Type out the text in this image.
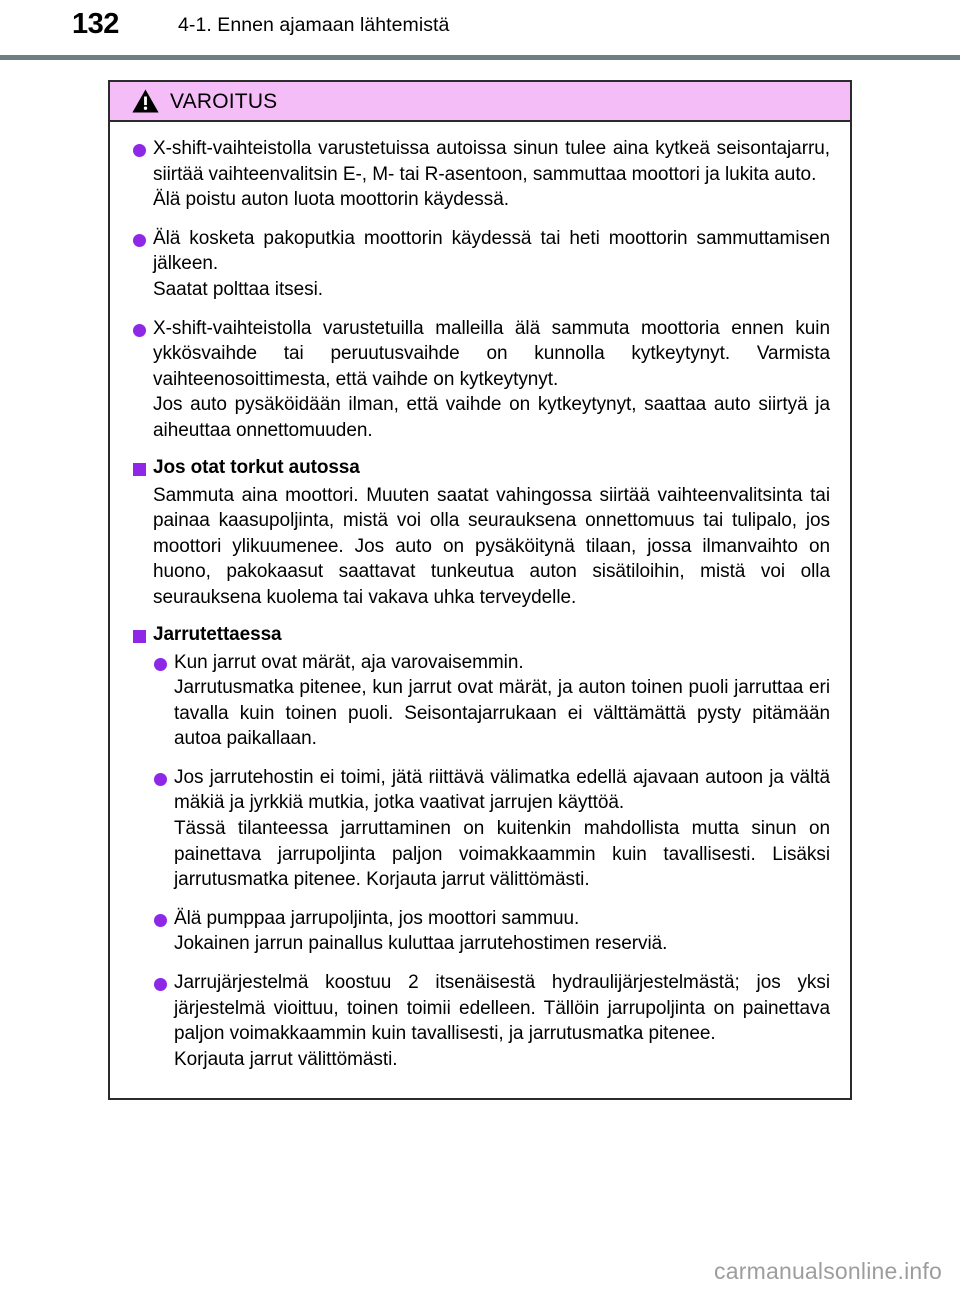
132	4-1. Ennen ajamaan lähtemistä
VAROITUS

X-shift-vaihteistolla varustetuissa autoissa sinun tulee aina kytkeä seisontajarru, siirtää vaihteenvalitsin E-, M- tai R-asentoon, sammuttaa moottori ja lukita auto.

Älä poistu auton luota moottorin käydessä.

Älä kosketa pakoputkia moottorin käydessä tai heti moottorin sammuttamisen jälkeen.

Saatat polttaa itsesi.

X-shift-vaihteistolla varustetuilla malleilla älä sammuta moottoria ennen kuin ykkösvaihde tai peruutusvaihde on kunnolla kytkeytynyt. Varmista vaihteenosoittimesta, että vaihde on kytkeytynyt.

Jos auto pysäköidään ilman, että vaihde on kytkeytynyt, saattaa auto siirtyä ja aiheuttaa onnettomuuden.

Jos otat torkut autossa

Sammuta aina moottori. Muuten saatat vahingossa siirtää vaihteenvalitsinta tai painaa kaasupoljinta, mistä voi olla seurauksena onnettomuus tai tulipalo, jos moottori ylikuumenee. Jos auto on pysäköitynä tilaan, jossa ilmanvaihto on huono, pakokaasut saattavat tunkeutua auton sisätiloihin, mistä voi olla seurauksena kuolema tai vakava uhka terveydelle.

Jarrutettaessa

Kun jarrut ovat märät, aja varovaisemmin.

Jarrutusmatka pitenee, kun jarrut ovat märät, ja auton toinen puoli jarruttaa eri tavalla kuin toinen puoli. Seisontajarrukaan ei välttämättä pysty pitämään autoa paikallaan.

Jos jarrutehostin ei toimi, jätä riittävä välimatka edellä ajavaan autoon ja vältä mäkiä ja jyrkkiä mutkia, jotka vaativat jarrujen käyttöä.

Tässä tilanteessa jarruttaminen on kuitenkin mahdollista mutta sinun on painettava jarrupoljinta paljon voimakkaammin kuin tavallisesti. Lisäksi jarrutusmatka pitenee. Korjauta jarrut välittömästi.

Älä pumppaa jarrupoljinta, jos moottori sammuu.

Jokainen jarrun painallus kuluttaa jarrutehostimen reserviä.

Jarrujärjestelmä koostuu 2 itsenäisestä hydraulijärjestelmästä; jos yksi järjestelmä vioittuu, toinen toimii edelleen. Tällöin jarrupoljinta on painettava paljon voimakkaammin kuin tavallisesti, ja jarrutusmatka pitenee.

Korjauta jarrut välittömästi.

carmanualsonline.info
